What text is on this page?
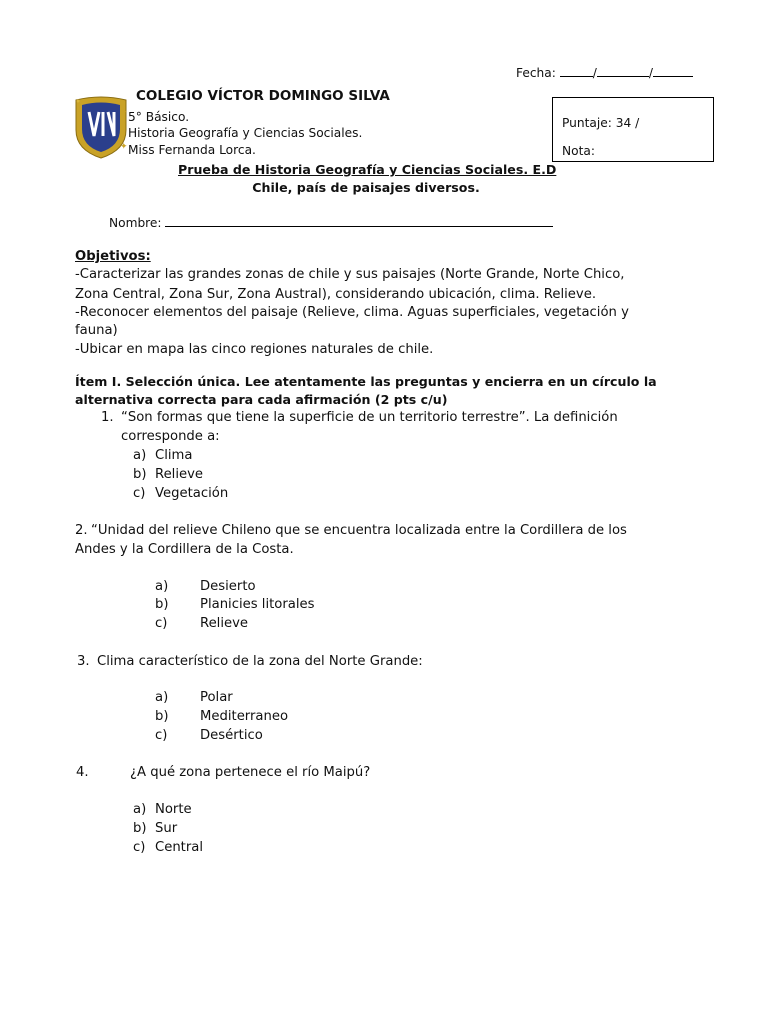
Fecha:	/	/
COLEGIO VÍCTOR DOMINGO SILVA
✦
✦ 5° Básico.
Historia Geografía y Ciencias Sociales.
Miss Fernanda Lorca.
Puntaje: 34 /
Nota:
Prueba de Historia Geografía y Ciencias Sociales. E.D
Chile, país de paisajes diversos.
Nombre:
Objetivos:
-Caracterizar las grandes zonas de chile y sus paisajes (Norte Grande, Norte Chico,
Zona Central, Zona Sur, Zona Austral), considerando ubicación, clima. Relieve.
-Reconocer elementos del paisaje (Relieve, clima. Aguas superficiales, vegetación y
fauna)
-Ubicar en mapa las cinco regiones naturales de chile.
Ítem I. Selección única. Lee atentamente las preguntas y encierra en un círculo la
alternativa correcta para cada afirmación (2 pts c/u)
1. “Son formas que tiene la superficie de un territorio terrestre”. La definición
corresponde a:
a) Clima
b) Relieve
c) Vegetación
2. “Unidad del relieve Chileno que se encuentra localizada entre la Cordillera de los
Andes y la Cordillera de la Costa.
a) Desierto
b) Planicies litorales
c) Relieve
3. Clima característico de la zona del Norte Grande:
a) Polar
b) Mediterraneo
c) Desértico
4.	¿A qué zona pertenece el río Maipú?
a) Norte
b) Sur
c) Central
